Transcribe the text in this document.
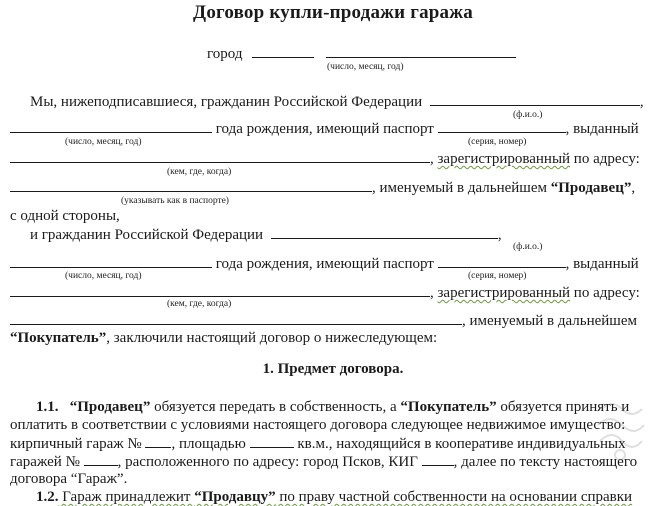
Договор купли-продажи гаража
город
(число, месяц, год)
Мы, нижеподписавшиеся, гражданин Российской Федерации	,
(ф.и.о.)
года рождения, имеющий паспорт	, выданный
(число, месяц, год)	(серия, номер)
, зарегистрированный по адресу:
(кем, где, когда)
, именуемый в дальнейшем “Продавец”,
(указывать как в паспорте)
с одной стороны,
и гражданин Российской Федерации	,
(ф.и.о.)
года рождения, имеющий паспорт	, выданный
(число, месяц, год)	(серия, номер)
, зарегистрированный по адресу:
(кем, где, когда)
, именуемый в дальнейшем
“Покупатель”, заключили настоящий договор о нижеследующем:
1. Предмет договора.
1.1. “Продавец” обязуется передать в собственность, а “Покупатель” обязуется принять и
оплатить в соответствии с условиями настоящего договора следующее недвижимое имущество:
кирпичный гараж № , площадью	кв.м., находящийся в кооперативе индивидуальных
гаражей № , расположенного по адресу: город Псков, КИГ , далее по тексту настоящего
договора “Гараж”.
1.2. Гараж принадлежит “Продавцу” по праву частной собственности на основании справки
